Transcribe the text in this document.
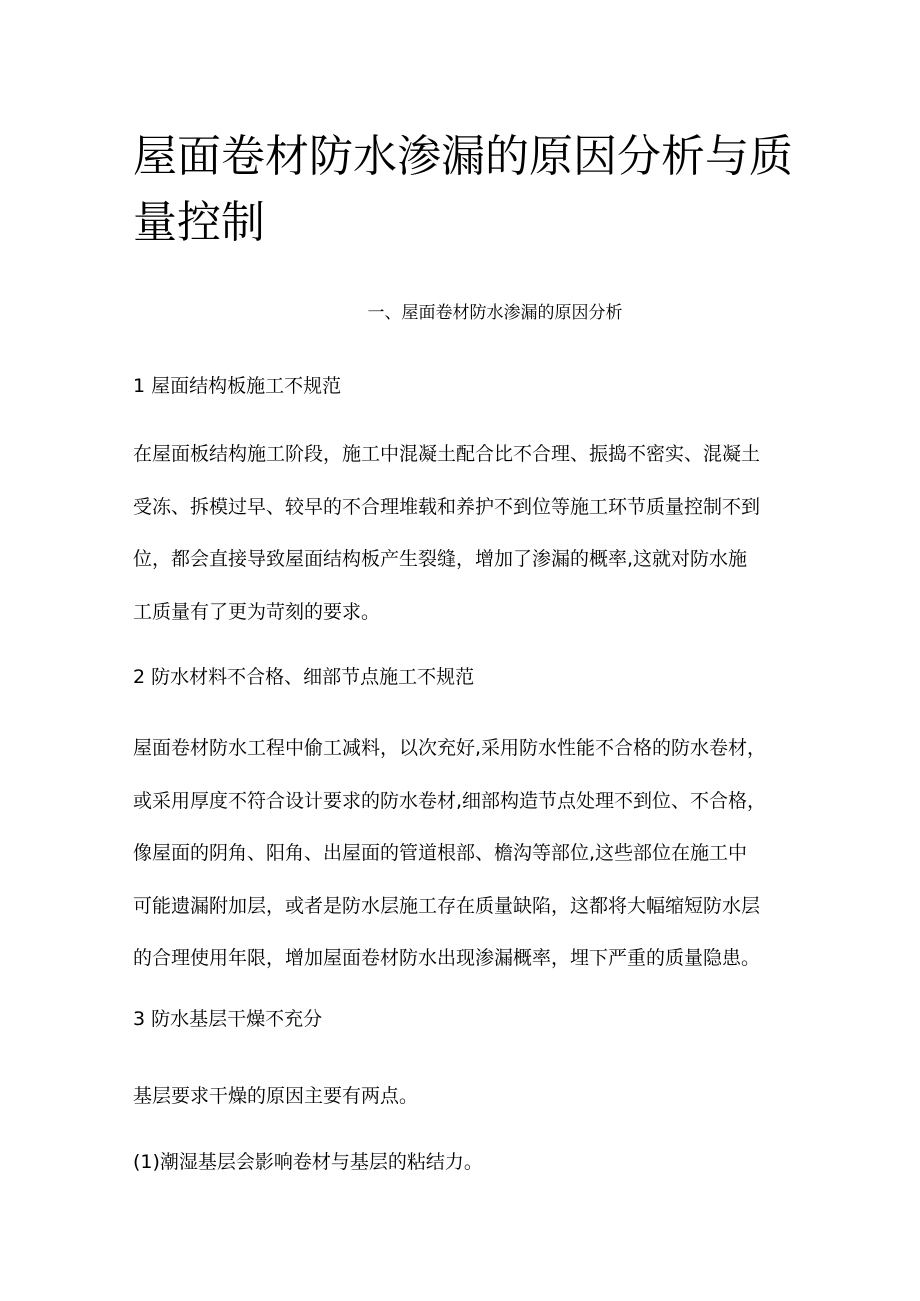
屋面卷材防水渗漏的原因分析与质量控制
一、屋面卷材防水渗漏的原因分析
1 屋面结构板施工不规范

在屋面板结构施工阶段，施工中混凝土配合比不合理、振捣不密实、混凝土
受冻、拆模过早、较早的不合理堆载和养护不到位等施工环节质量控制不到
位，都会直接导致屋面结构板产生裂缝，增加了渗漏的概率,这就对防水施
工质量有了更为苛刻的要求。

2 防水材料不合格、细部节点施工不规范

屋面卷材防水工程中偷工减料，以次充好,采用防水性能不合格的防水卷材，
或采用厚度不符合设计要求的防水卷材,细部构造节点处理不到位、不合格，
像屋面的阴角、阳角、出屋面的管道根部、檐沟等部位,这些部位在施工中
可能遗漏附加层，或者是防水层施工存在质量缺陷，这都将大幅缩短防水层
的合理使用年限，增加屋面卷材防水出现渗漏概率，埋下严重的质量隐患。

3 防水基层干燥不充分

基层要求干燥的原因主要有两点。
(1)潮湿基层会影响卷材与基层的粘结力。
